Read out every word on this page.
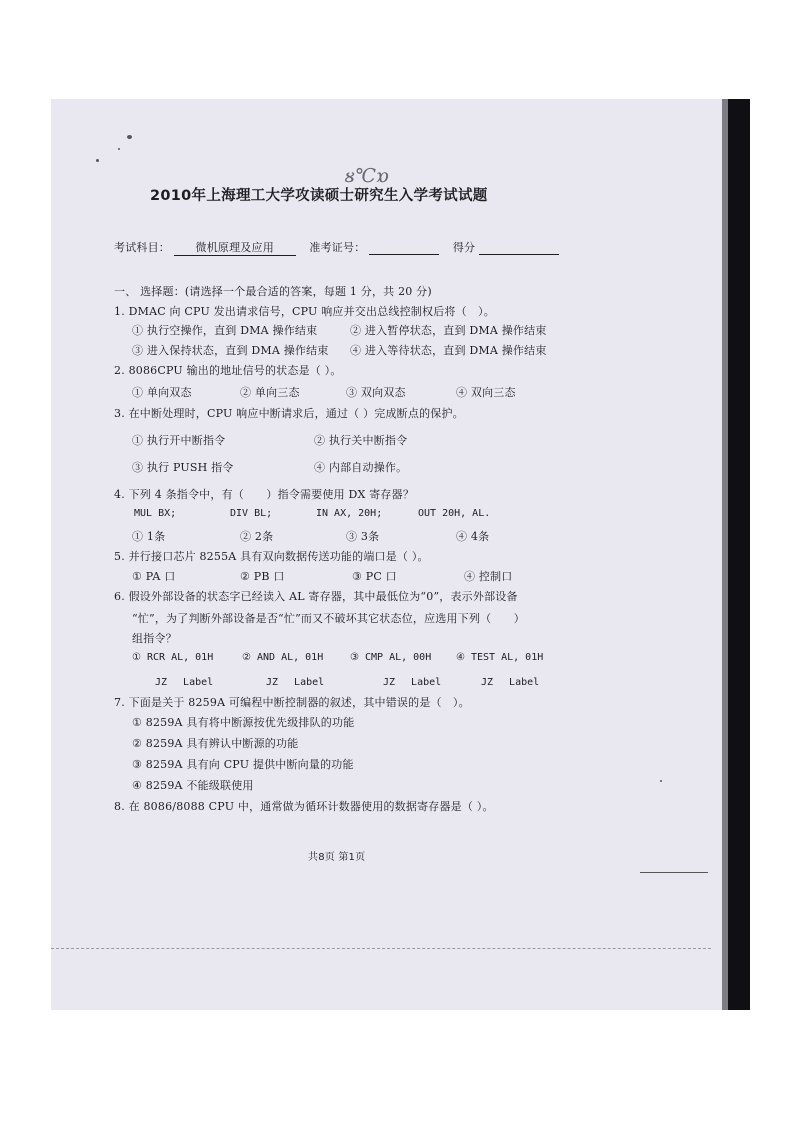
ᴕ℃ɒ
2010年上海理工大学攻读硕士研究生入学考试试题
考试科目： 微机原理及应用	准考证号：	得分
一、 选择题：(请选择一个最合适的答案，每题 1 分，共 20 分)
1. DMAC 向 CPU 发出请求信号，CPU 响应并交出总线控制权后将（　）。
① 执行空操作，直到 DMA 操作结束	② 进入暂停状态，直到 DMA 操作结束
③ 进入保持状态，直到 DMA 操作结束 ④ 进入等待状态，直到 DMA 操作结束
2. 8086CPU 输出的地址信号的状态是（ ）。
① 单向双态	② 单向三态	③ 双向双态	④ 双向三态
3. 在中断处理时，CPU 响应中断请求后，通过（ ）完成断点的保护。
① 执行开中断指令	② 执行关中断指令
③ 执行 PUSH 指令	④ 内部自动操作。
4. 下列 4 条指令中，有（　　）指令需要使用 DX 寄存器？
MUL BX;	DIV BL;	IN AX, 20H;	OUT 20H, AL.
① 1条	② 2条	③ 3条	④ 4条
5. 并行接口芯片 8255A 具有双向数据传送功能的端口是（ ）。
① PA 口	② PB 口	③ PC 口	④ 控制口
6. 假设外部设备的状态字已经读入 AL 寄存器，其中最低位为“0”，表示外部设备
“忙”，为了判断外部设备是否“忙”而又不破坏其它状态位，应选用下列（　　）
组指令？
① RCR AL, 01H	② AND AL, 01H	③ CMP AL, 00H ④ TEST AL, 01H
JZ　 Label	JZ　 Label	JZ　 Label	JZ　 Label
7. 下面是关于 8259A 可编程中断控制器的叙述，其中错误的是（　）。
① 8259A 具有将中断源按优先级排队的功能
② 8259A 具有辨认中断源的功能
③ 8259A 具有向 CPU 提供中断向量的功能
④ 8259A 不能级联使用
8. 在 8086/8088 CPU 中，通常做为循环计数器使用的数据寄存器是（ ）。
共8页 第1页
